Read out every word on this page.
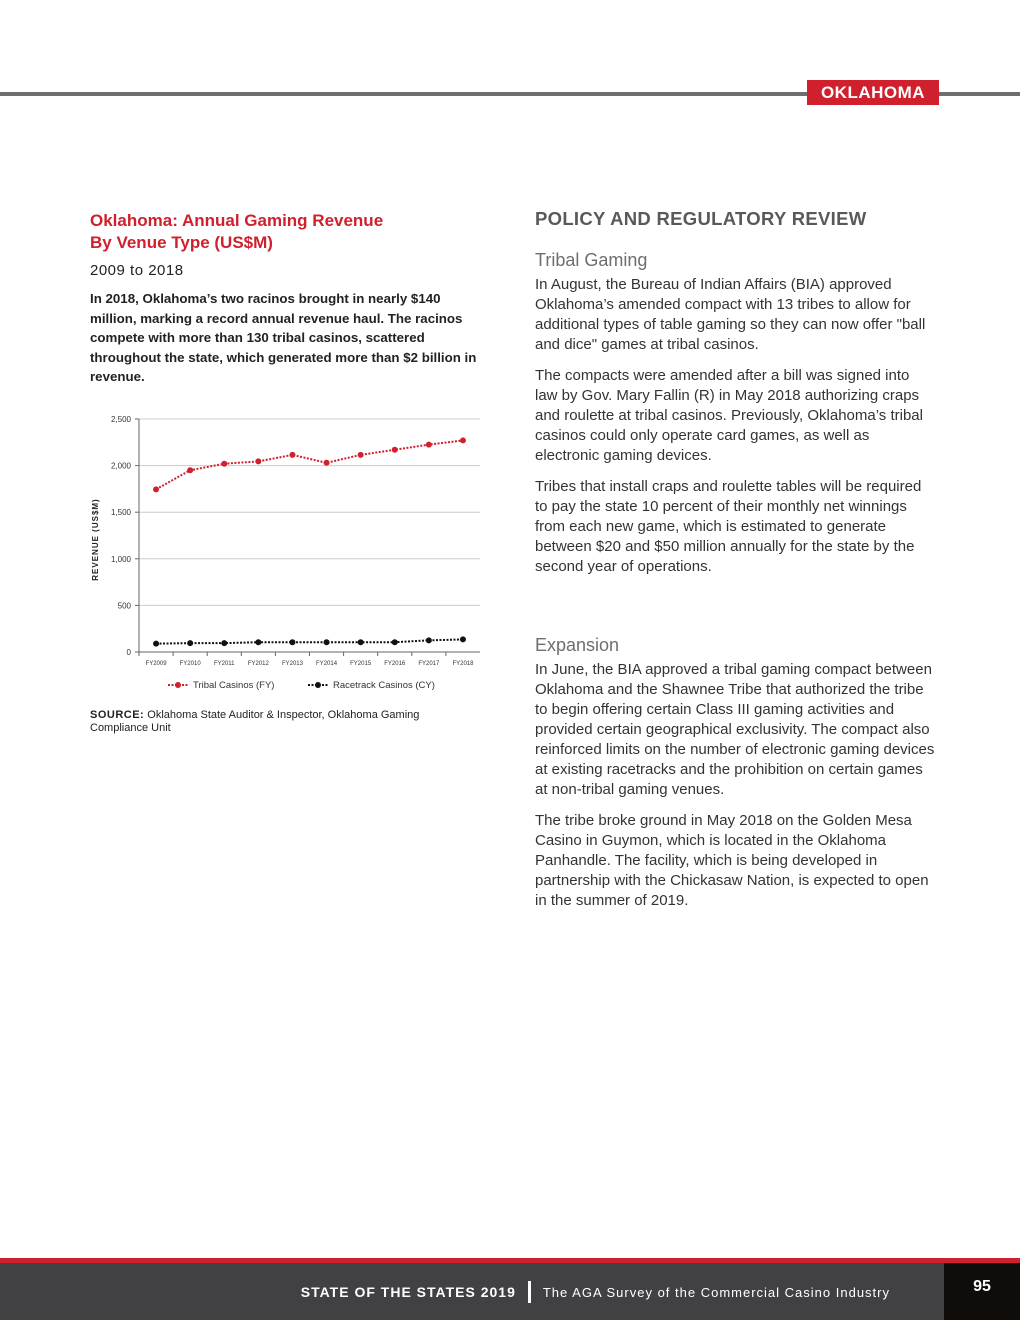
OKLAHOMA
Oklahoma: Annual Gaming Revenue
By Venue Type (US$M)
2009 to 2018
In 2018, Oklahoma’s two racinos brought in nearly $140 million, marking a record annual revenue haul. The racinos compete with more than 130 tribal casinos, scattered throughout the state, which generated more than $2 billion in revenue.
0
500
1,000
1,500
2,000
2,500
FY2009 FY2010 FY2011 FY2012 FY2013 FY2014 FY2015 FY2016 FY2017 FY2018
REVENUE (US$M)
Tribal Casinos (FY)	Racetrack Casinos (CY)
SOURCE: Oklahoma State Auditor & Inspector, Oklahoma Gaming Compliance Unit
POLICY AND REGULATORY REVIEW
Tribal Gaming

In August, the Bureau of Indian Affairs (BIA) approved Oklahoma’s amended compact with 13 tribes to allow for additional types of table gaming so they can now offer "ball and dice" games at tribal casinos.

The compacts were amended after a bill was signed into law by Gov. Mary Fallin (R) in May 2018 authorizing craps and roulette at tribal casinos. Previously, Oklahoma’s tribal casinos could only operate card games, as well as electronic gaming devices.

Tribes that install craps and roulette tables will be required to pay the state 10 percent of their monthly net winnings from each new game, which is estimated to generate between $20 and $50 million annually for the state by the second year of operations.

Expansion

In June, the BIA approved a tribal gaming compact between Oklahoma and the Shawnee Tribe that authorized the tribe to begin offering certain Class III gaming activities and provided certain geographical exclusivity. The compact also reinforced limits on the number of electronic gaming devices at existing racetracks and the prohibition on certain games at non-tribal gaming venues.

The tribe broke ground in May 2018 on the Golden Mesa Casino in Guymon, which is located in the Oklahoma Panhandle. The facility, which is being developed in partnership with the Chickasaw Nation, is expected to open in the summer of 2019.

STATE OF THE STATES 2019 The AGA Survey of the Commercial Casino Industry	95
